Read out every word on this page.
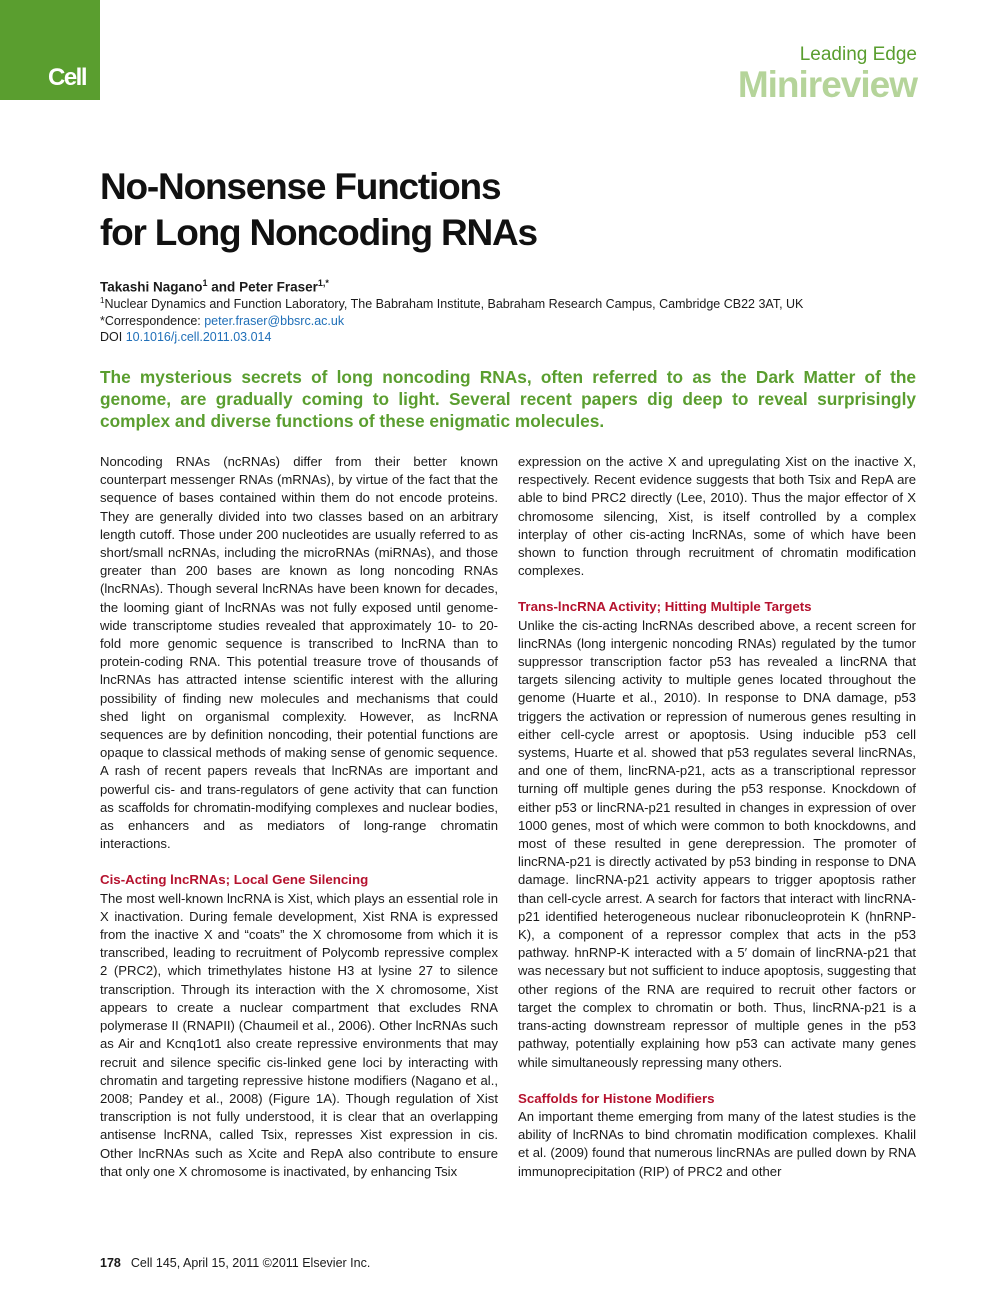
Cell
Leading Edge
Minireview
No-Nonsense Functions
for Long Noncoding RNAs
Takashi Nagano$^1$ and Peter Fraser$^{1,*}$
$^1$Nuclear Dynamics and Function Laboratory, The Babraham Institute, Babraham Research Campus, Cambridge CB22 3AT, UK
*Correspondence: peter.fraser@bbsrc.ac.uk
DOI 10.1016/j.cell.2011.03.014
The mysterious secrets of long noncoding RNAs, often referred to as the Dark Matter of the genome, are gradually coming to light. Several recent papers dig deep to reveal surprisingly complex and diverse functions of these enigmatic molecules.

Noncoding RNAs (ncRNAs) differ from their better known counterpart messenger RNAs (mRNAs), by virtue of the fact that the sequence of bases contained within them do not encode proteins. They are generally divided into two classes based on an arbitrary length cutoff. Those under 200 nucleotides are usually referred to as short/small ncRNAs, including the microRNAs (miRNAs), and those greater than 200 bases are known as long noncoding RNAs (lncRNAs). Though several lncRNAs have been known for decades, the looming giant of lncRNAs was not fully exposed until genome-wide transcriptome studies revealed that approximately 10- to 20-fold more genomic sequence is transcribed to lncRNA than to protein-coding RNA. This potential treasure trove of thousands of lncRNAs has attracted intense scientific interest with the alluring possibility of finding new molecules and mechanisms that could shed light on organismal complexity. However, as lncRNA sequences are by definition noncoding, their potential functions are opaque to classical methods of making sense of genomic sequence. A rash of recent papers reveals that lncRNAs are important and powerful cis- and trans-regulators of gene activity that can function as scaffolds for chromatin-modifying complexes and nuclear bodies, as enhancers and as mediators of long-range chromatin interactions.

Cis-Acting lncRNAs; Local Gene Silencing

The most well-known lncRNA is Xist, which plays an essential role in X inactivation. During female development, Xist RNA is expressed from the inactive X and “coats” the X chromosome from which it is transcribed, leading to recruitment of Polycomb repressive complex 2 (PRC2), which trimethylates histone H3 at lysine 27 to silence transcription. Through its interaction with the X chromosome, Xist appears to create a nuclear compartment that excludes RNA polymerase II (RNAPII) (Chaumeil et al., 2006). Other lncRNAs such as Air and Kcnq1ot1 also create repressive environments that may recruit and silence specific cis-linked gene loci by interacting with chromatin and targeting repressive histone modifiers (Nagano et al., 2008; Pandey et al., 2008) (Figure 1A). Though regulation of Xist transcription is not fully understood, it is clear that an overlapping antisense lncRNA, called Tsix, represses Xist expression in cis. Other lncRNAs such as Xcite and RepA also contribute to ensure that only one X chromosome is inactivated, by enhancing Tsix

expression on the active X and upregulating Xist on the inactive X, respectively. Recent evidence suggests that both Tsix and RepA are able to bind PRC2 directly (Lee, 2010). Thus the major effector of X chromosome silencing, Xist, is itself controlled by a complex interplay of other cis-acting lncRNAs, some of which have been shown to function through recruitment of chromatin modification complexes.

Trans-lncRNA Activity; Hitting Multiple Targets

Unlike the cis-acting lncRNAs described above, a recent screen for lincRNAs (long intergenic noncoding RNAs) regulated by the tumor suppressor transcription factor p53 has revealed a lincRNA that targets silencing activity to multiple genes located throughout the genome (Huarte et al., 2010). In response to DNA damage, p53 triggers the activation or repression of numerous genes resulting in either cell-cycle arrest or apoptosis. Using inducible p53 cell systems, Huarte et al. showed that p53 regulates several lincRNAs, and one of them, lincRNA-p21, acts as a transcriptional repressor turning off multiple genes during the p53 response. Knockdown of either p53 or lincRNA-p21 resulted in changes in expression of over 1000 genes, most of which were common to both knockdowns, and most of these resulted in gene derepression. The promoter of lincRNA-p21 is directly activated by p53 binding in response to DNA damage. lincRNA-p21 activity appears to trigger apoptosis rather than cell-cycle arrest. A search for factors that interact with lincRNA-p21 identified heterogeneous nuclear ribonucleoprotein K (hnRNP-K), a component of a repressor complex that acts in the p53 pathway. hnRNP-K interacted with a 5′ domain of lincRNA-p21 that was necessary but not sufficient to induce apoptosis, suggesting that other regions of the RNA are required to recruit other factors or target the complex to chromatin or both. Thus, lincRNA-p21 is a trans-acting downstream repressor of multiple genes in the p53 pathway, potentially explaining how p53 can activate many genes while simultaneously repressing many others.

Scaffolds for Histone Modifiers

An important theme emerging from many of the latest studies is the ability of lncRNAs to bind chromatin modification complexes. Khalil et al. (2009) found that numerous lincRNAs are pulled down by RNA immunoprecipitation (RIP) of PRC2 and other

178 Cell 145, April 15, 2011 ©2011 Elsevier Inc.
